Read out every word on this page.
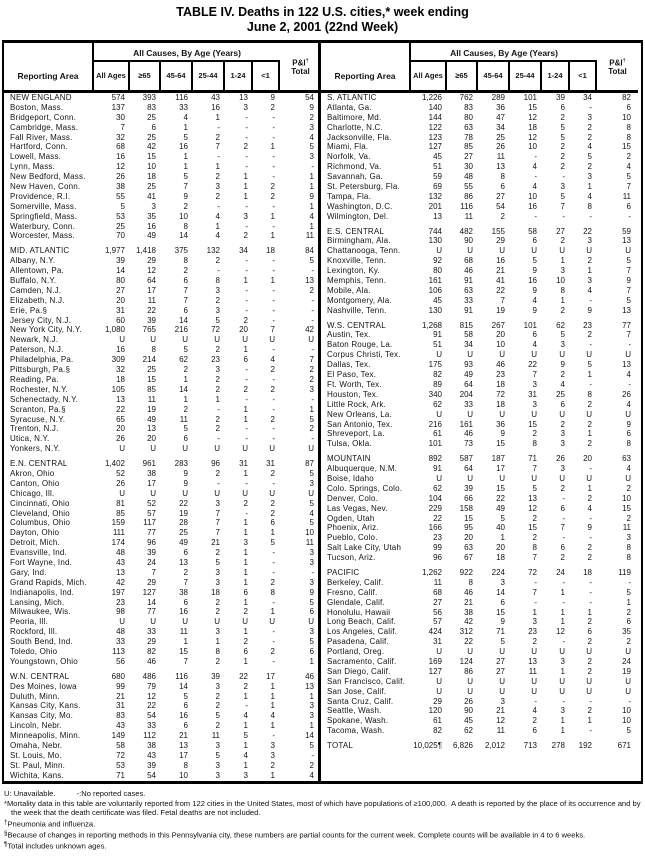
TABLE IV. Deaths in 122 U.S. cities,* week ending
June 2, 2001 (22nd Week)
Reporting Area
All Causes, By Age (Years)
All Ages	≥65	45-64	25-44	1-24	<1
P&I†
Total
NEW ENGLAND	574	393	116	43	13	9	54
Boston, Mass.	137	83	33	16	3	2	9
Bridgeport, Conn.	30	25	4	1	-	-	2
Cambridge, Mass.	7	6	1	-	-	-	3
Fall River, Mass.	32	25	5	2	-	-	4
Hartford, Conn.	68	42	16	7	2	1	5
Lowell, Mass.	16	15	1	-	-	-	3
Lynn, Mass.	12	10	1	1	-	-	-
New Bedford, Mass.	26	18	5	2	1	-	1
New Haven, Conn.	38	25	7	3	1	2	1
Providence, R.I.	55	41	9	2	1	2	9
Somerville, Mass.	5	3	2	-	-	-	1
Springfield, Mass.	53	35	10	4	3	1	4
Waterbury, Conn.	25	16	8	1	-	-	1
Worcester, Mass.	70	49	14	4	2	1	11
MID. ATLANTIC	1,977	1,418	375	132	34	18	84
Albany, N.Y.	39	29	8	2	-	-	5
Allentown, Pa.	14	12	2	-	-	-	-
Buffalo, N.Y.	80	64	6	8	1	1	13
Camden, N.J.	27	17	7	3	-	-	2
Elizabeth, N.J.	20	11	7	2	-	-	-
Erie, Pa.§	31	22	6	3	-	-	-
Jersey City, N.J.	60	39	14	5	2	-	-
New York City, N.Y.	1,080	765	216	72	20	7	42
Newark, N.J.	U	U	U	U	U	U	U
Paterson, N.J.	16	8	5	2	1	-	-
Philadelphia, Pa.	309	214	62	23	6	4	7
Pittsburgh, Pa.§	32	25	2	3	-	2	2
Reading, Pa.	18	15	1	2	-	-	2
Rochester, N.Y.	105	85	14	2	2	2	3
Schenectady, N.Y.	13	11	1	1	-	-	-
Scranton, Pa.§	22	19	2	-	1	-	1
Syracuse, N.Y.	65	49	11	2	1	2	5
Trenton, N.J.	20	13	5	2	-	-	2
Utica, N.Y.	26	20	6	-	-	-	-
Yonkers, N.Y.	U	U	U	U	U	U	U
E.N. CENTRAL	1,402	961	283	96	31	31	87
Akron, Ohio	52	38	9	2	1	2	5
Canton, Ohio	26	17	9	-	-	-	3
Chicago, Ill.	U	U	U	U	U	U	U
Cincinnati, Ohio	81	52	22	3	2	2	5
Cleveland, Ohio	85	57	19	7	-	2	4
Columbus, Ohio	159	117	28	7	1	6	5
Dayton, Ohio	111	77	25	7	1	1	10
Detroit, Mich.	174	96	49	21	3	5	11
Evansville, Ind.	48	39	6	2	1	-	3
Fort Wayne, Ind.	43	24	13	5	1	-	3
Gary, Ind.	13	7	2	3	1	-	-
Grand Rapids, Mich.	42	29	7	3	1	2	3
Indianapolis, Ind.	197	127	38	18	6	8	9
Lansing, Mich.	23	14	6	2	1	-	5
Milwaukee, Wis.	98	77	16	2	2	1	6
Peoria, Ill.	U	U	U	U	U	U	U
Rockford, Ill.	48	33	11	3	1	-	3
South Bend, Ind.	33	29	1	1	2	-	5
Toledo, Ohio	113	82	15	8	6	2	6
Youngstown, Ohio	56	46	7	2	1	-	1
W.N. CENTRAL	680	486	116	39	22	17	46
Des Moines, Iowa	99	79	14	3	2	1	13
Duluth, Minn.	21	12	5	2	1	1	1
Kansas City, Kans.	31	22	6	2	-	1	3
Kansas City, Mo.	83	54	16	5	4	4	3
Lincoln, Nebr.	43	33	6	2	1	1	1
Minneapolis, Minn.	149	112	21	11	5	-	14
Omaha, Nebr.	58	38	13	3	1	3	5
St. Louis, Mo.	72	43	17	5	4	3	-
St. Paul, Minn.	53	39	8	3	1	2	2
Wichita, Kans.	71	54	10	3	3	1	4
Reporting Area
All Causes, By Age (Years)
All Ages	≥65	45-64	25-44	1-24	<1
P&I†
Total
S. ATLANTIC	1,226	762	289	101	39	34	82
Atlanta, Ga.	140	83	36	15	6	-	6
Baltimore, Md.	144	80	47	12	2	3	10
Charlotte, N.C.	122	63	34	18	5	2	8
Jacksonville, Fla.	123	78	25	12	5	2	8
Miami, Fla.	127	85	26	10	2	4	15
Norfolk, Va.	45	27	11	-	2	5	2
Richmond, Va.	51	30	13	4	2	2	4
Savannah, Ga.	59	48	8	-	-	3	5
St. Petersburg, Fla.	69	55	6	4	3	1	7
Tampa, Fla.	132	86	27	10	5	4	11
Washington, D.C.	201	116	54	16	7	8	6
Wilmington, Del.	13	11	2	-	-	-	-
E.S. CENTRAL	744	482	155	58	27	22	59
Birmingham, Ala.	130	90	29	6	2	3	13
Chattanooga, Tenn.	U	U	U	U	U	U	U
Knoxville, Tenn.	92	68	16	5	1	2	5
Lexington, Ky.	80	46	21	9	3	1	7
Memphis, Tenn.	161	91	41	16	10	3	9
Mobile, Ala.	106	63	22	9	8	4	7
Montgomery, Ala.	45	33	7	4	1	-	5
Nashville, Tenn.	130	91	19	9	2	9	13
W.S. CENTRAL	1,268	815	267	101	62	23	77
Austin, Tex.	91	58	20	6	5	2	7
Baton Rouge, La.	51	34	10	4	3	-	-
Corpus Christi, Tex.	U	U	U	U	U	U	U
Dallas, Tex.	175	93	46	22	9	5	13
El Paso, Tex.	82	49	23	7	2	1	4
Ft. Worth, Tex.	89	64	18	3	4	-	-
Houston, Tex.	340	204	72	31	25	8	26
Little Rock, Ark.	62	33	18	3	6	2	4
New Orleans, La.	U	U	U	U	U	U	U
San Antonio, Tex.	216	161	36	15	2	2	9
Shreveport, La.	61	46	9	2	3	1	6
Tulsa, Okla.	101	73	15	8	3	2	8
MOUNTAIN	892	587	187	71	26	20	63
Albuquerque, N.M.	91	64	17	7	3	-	4
Boise, Idaho	U	U	U	U	U	U	U
Colo. Springs, Colo.	62	39	15	5	2	1	2
Denver, Colo.	104	66	22	13	-	2	10
Las Vegas, Nev.	229	158	49	12	6	4	15
Ogden, Utah	22	15	5	2	-	-	2
Phoenix, Ariz.	166	95	40	15	7	9	11
Pueblo, Colo.	23	20	1	2	-	-	3
Salt Lake City, Utah	99	63	20	8	6	2	8
Tucson, Ariz.	96	67	18	7	2	2	8
PACIFIC	1,262	922	224	72	24	18	119
Berkeley, Calif.	11	8	3	-	-	-	-
Fresno, Calif.	68	46	14	7	1	-	5
Glendale, Calif.	27	21	6	-	-	-	1
Honolulu, Hawaii	56	38	15	1	1	1	2
Long Beach, Calif.	57	42	9	3	1	2	6
Los Angeles, Calif.	424	312	71	23	12	6	35
Pasadena, Calif.	31	22	5	2	-	2	2
Portland, Oreg.	U	U	U	U	U	U	U
Sacramento, Calif.	169	124	27	13	3	2	24
San Diego, Calif.	127	86	27	11	1	2	19
San Francisco, Calif.	U	U	U	U	U	U	U
San Jose, Calif.	U	U	U	U	U	U	U
Santa Cruz, Calif.	29	26	3	-	-	-	-
Seattle, Wash.	120	90	21	4	3	2	10
Spokane, Wash.	61	45	12	2	1	1	10
Tacoma, Wash.	82	62	11	6	1	-	5
TOTAL	10,025¶	6,826	2,012	713	278	192	671
U: Unavailable.          -:No reported cases.
*Mortality data in this table are voluntarily reported from 122 cities in the United States, most of which have populations of ≥100,000.  A death is reported by the place of its occurrence and by the week that the death certificate was filed. Fetal deaths are not included.
†Pneumonia and influenza.
§Because of changes in reporting methods in this Pennsylvania city, these numbers are partial counts for the current week. Complete counts will be available in 4 to 6 weeks.
¶Total includes unknown ages.
